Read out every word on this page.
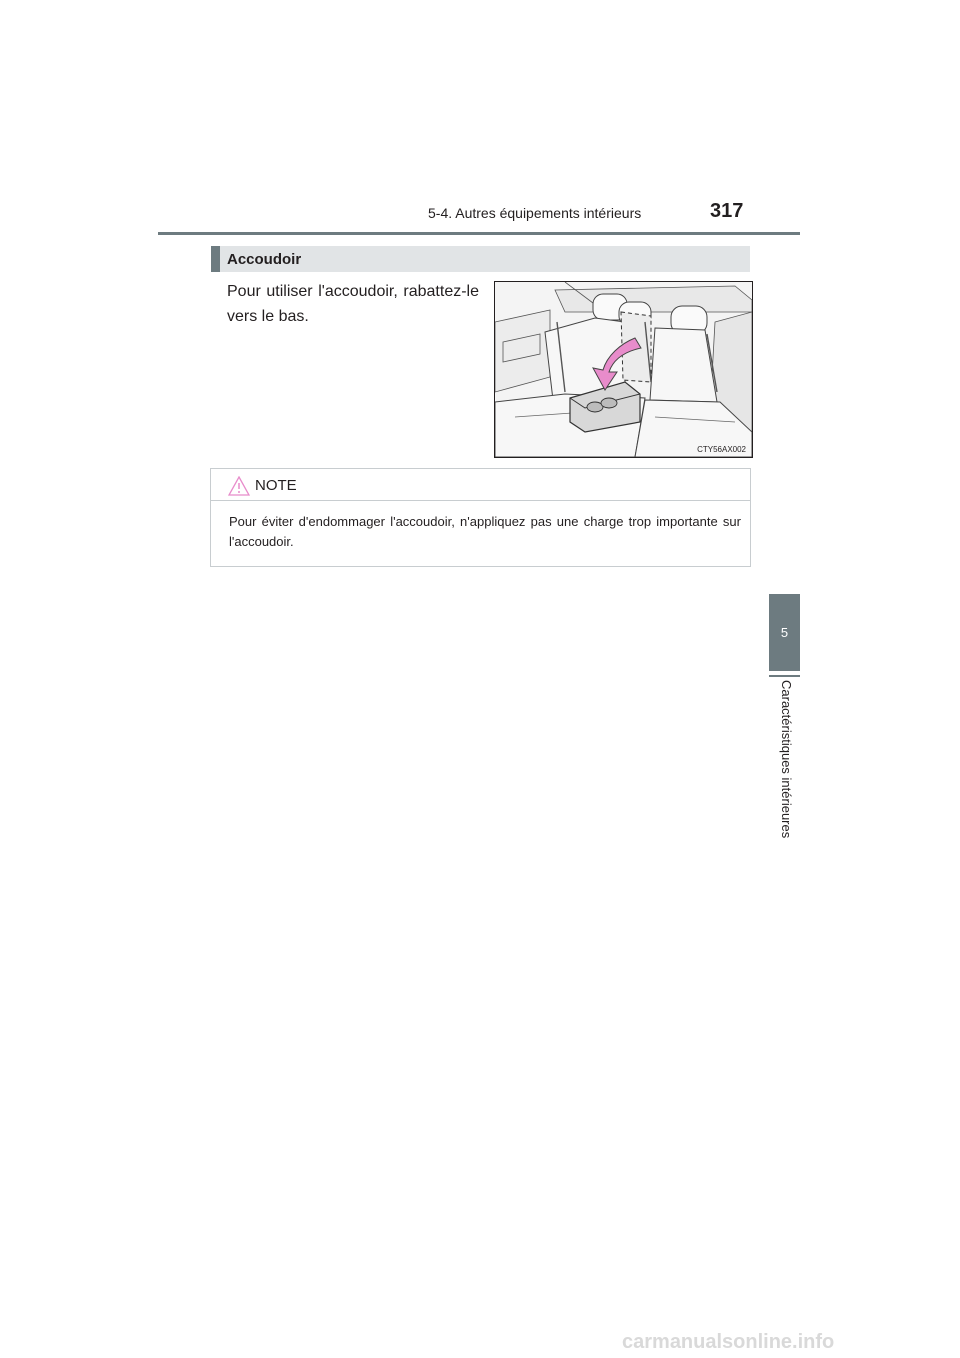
5-4. Autres équipements intérieurs	317
5
Caractéristiques intérieures
Accoudoir
Pour utiliser l'accoudoir, rabattez-le vers le bas.
CTY56AX002
NOTE
Pour éviter d'endommager l'accoudoir, n'appliquez pas une charge trop importante sur l'accoudoir.
carmanualsonline.info
